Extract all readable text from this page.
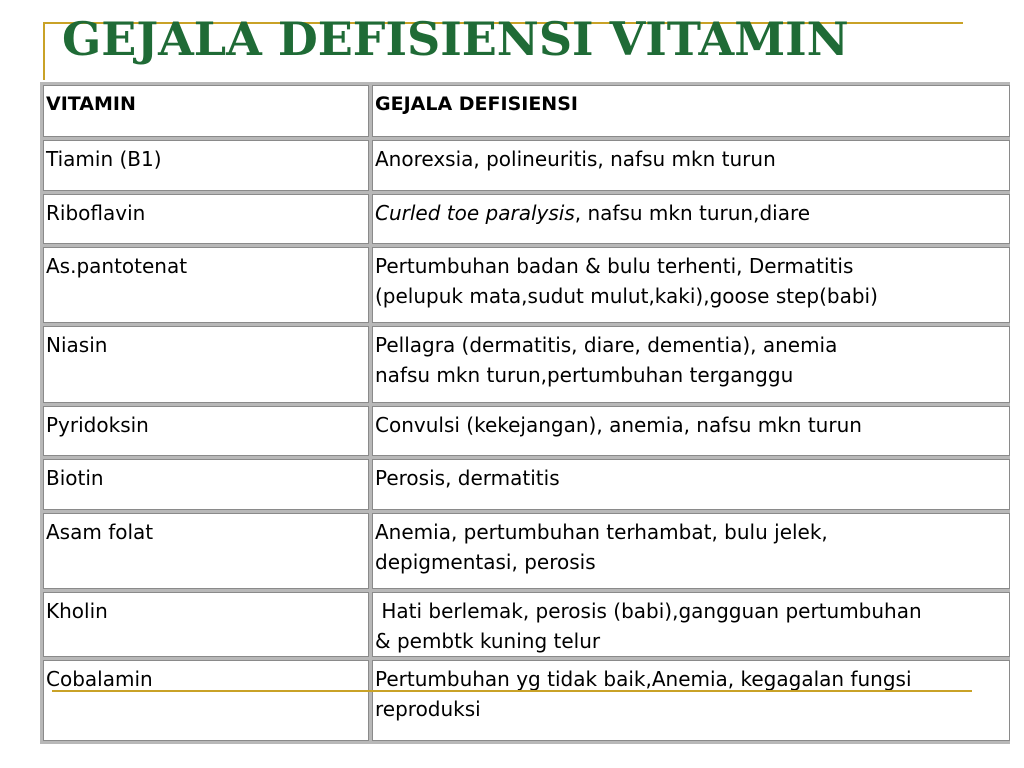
GEJALA DEFISIENSI VITAMIN
VITAMIN	GEJALA DEFISIENSI
Tiamin (B1)	Anorexsia, polineuritis, nafsu mkn turun
Riboflavin	Curled toe paralysis, nafsu mkn turun,diare
As.pantotenat	Pertumbuhan badan & bulu terhenti, Dermatitis
(pelupuk mata,sudut mulut,kaki),goose step(babi)
Niasin	Pellagra (dermatitis, diare, dementia), anemia
nafsu mkn turun,pertumbuhan terganggu
Pyridoksin	Convulsi (kekejangan), anemia, nafsu mkn turun
Biotin	Perosis, dermatitis
Asam folat	Anemia, pertumbuhan terhambat, bulu jelek,
depigmentasi, perosis
Kholin	Hati berlemak, perosis (babi),gangguan pertumbuhan
& pembtk kuning telur
Cobalamin	Pertumbuhan yg tidak baik,Anemia, kegagalan fungsi
reproduksi
